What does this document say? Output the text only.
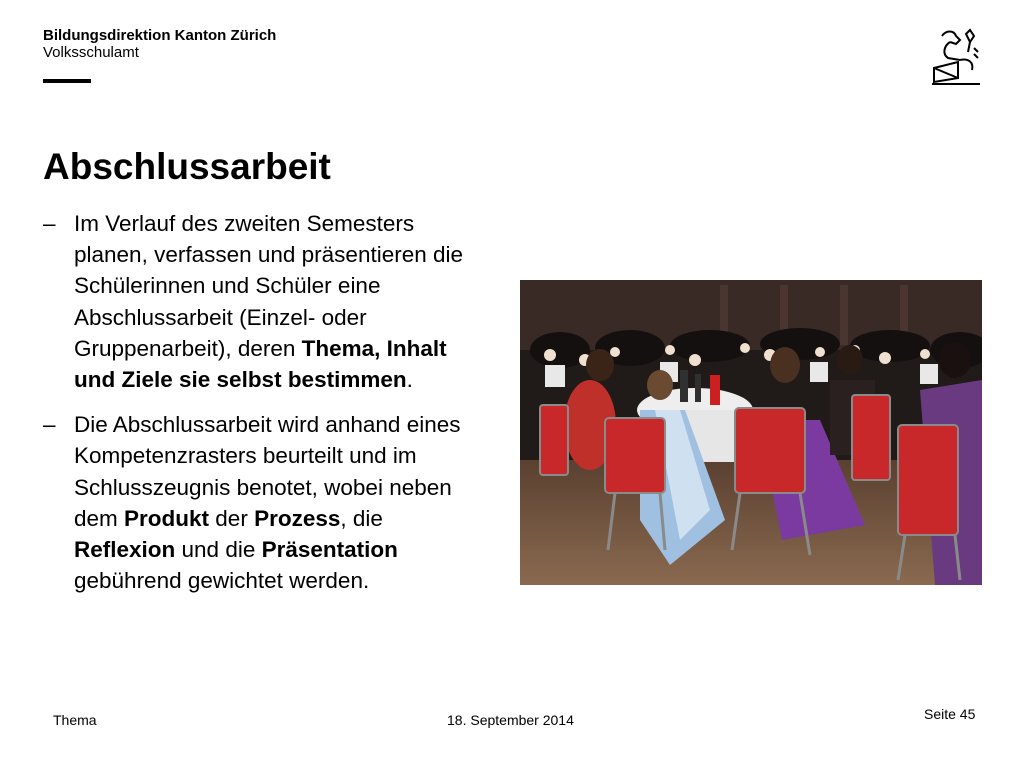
Bildungsdirektion Kanton Zürich
Volksschulamt
Abschlussarbeit
– Im Verlauf des zweiten Semesters planen, verfassen und präsentieren die Schülerinnen und Schüler eine Abschlussarbeit (Einzel- oder Gruppenarbeit), deren Thema, Inhalt und Ziele sie selbst bestimmen.
– Die Abschlussarbeit wird anhand eines Kompetenzrasters beurteilt und im Schlusszeugnis benotet, wobei neben dem Produkt der Prozess, die Reflexion und die Präsentation gebührend gewichtet werden.
Thema	18. September 2014	Seite 45
